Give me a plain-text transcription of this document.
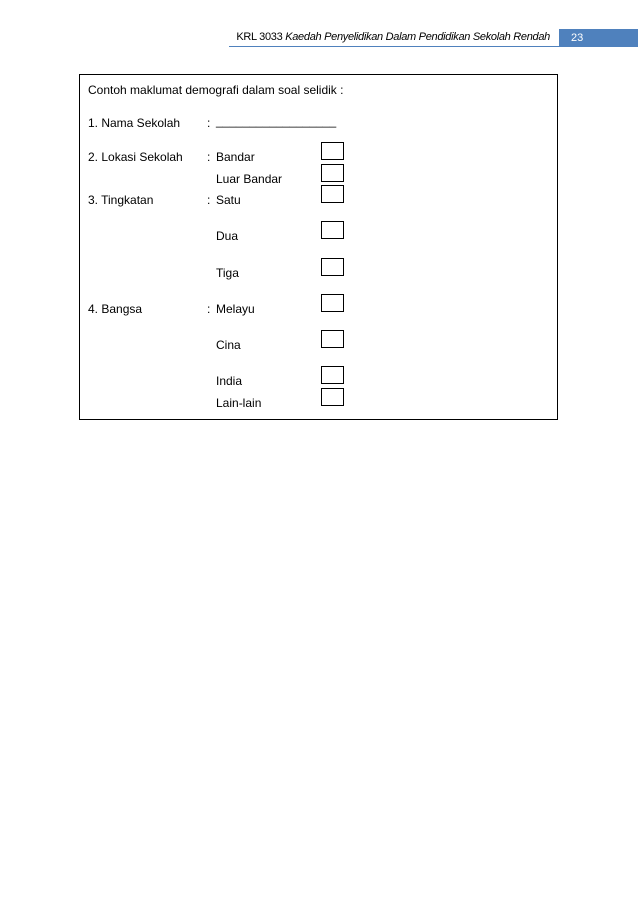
KRL 3033 Kaedah Penyelidikan Dalam Pendidikan Sekolah Rendah	23
Contoh maklumat demografi dalam soal selidik :
1. Nama Sekolah : __________________
2. Lokasi Sekolah : Bandar
Luar Bandar
3. Tingkatan	: Satu
Dua
Tiga
4. Bangsa	: Melayu
Cina
India
Lain-lain
